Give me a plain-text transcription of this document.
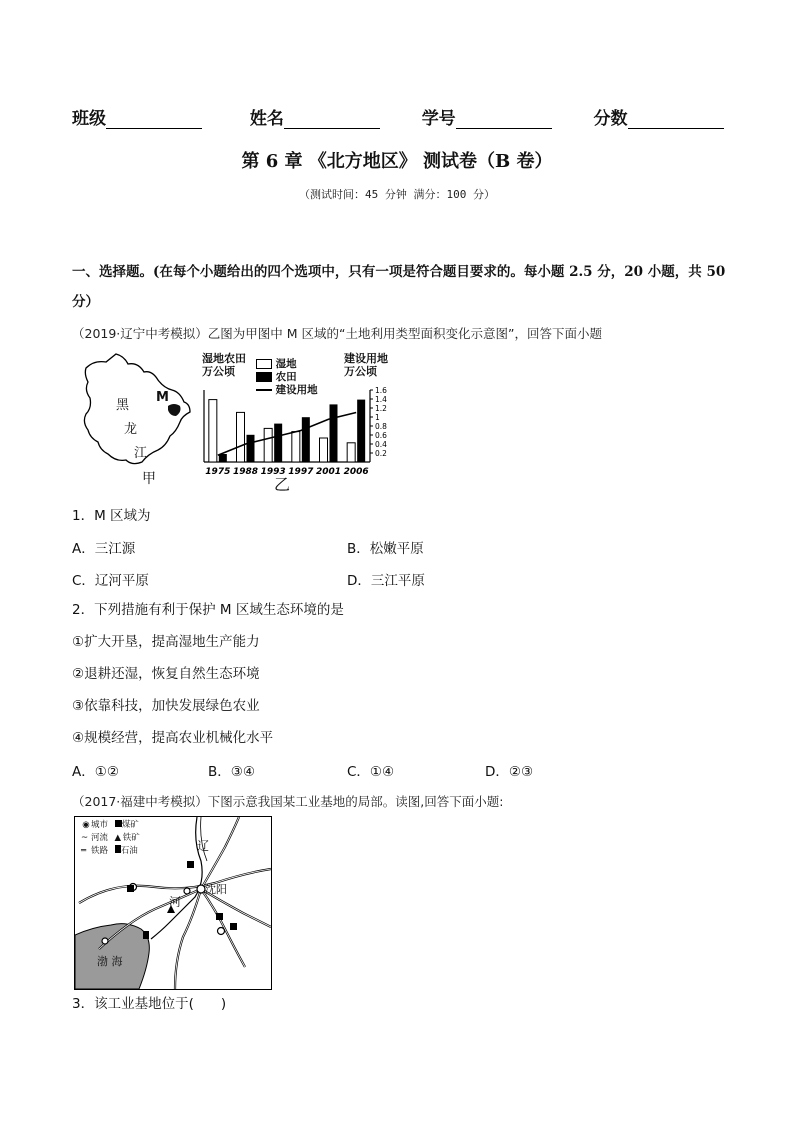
班级	姓名	学号	分数
第 6 章 《北方地区》 测试卷（B 卷）
（测试时间：45 分钟 满分：100 分）
一、选择题。(在每个小题给出的四个选项中，只有一项是符合题目要求的。每小题 2.5 分，20 小题，共 50
分）
（2019·辽宁中考模拟）乙图为甲图中 M 区域的“土地利用类型面积变化示意图”，回答下面小题
黑
龙
江
M
甲
湿地农田
万公顷
建设用地
万公顷
湿地
农田
建设用地
1975 1988 1993 1997 2001 2006
1.6
1.4
1.2
1
0.8
0.6
0.4
0.2
乙
1．M 区域为
A．三江源	B．松嫩平原
C．辽河平原	D．三江平原
2．下列措施有利于保护 M 区域生态环境的是
①扩大开垦，提高湿地生产能力
②退耕还湿，恢复自然生态环境
③依靠科技，加快发展绿色农业
④规模经营，提高农业机械化水平
A．①②	B．③④	C．①④	D．②③
（2017·福建中考模拟）下图示意我国某工业基地的局部。读图,回答下面小题:
◉城市 煤矿
~ 河流 ▲ 铁矿
═ 铁路 石油	辽
河
沈阳
渤 海
3．该工业基地位于(　　)
